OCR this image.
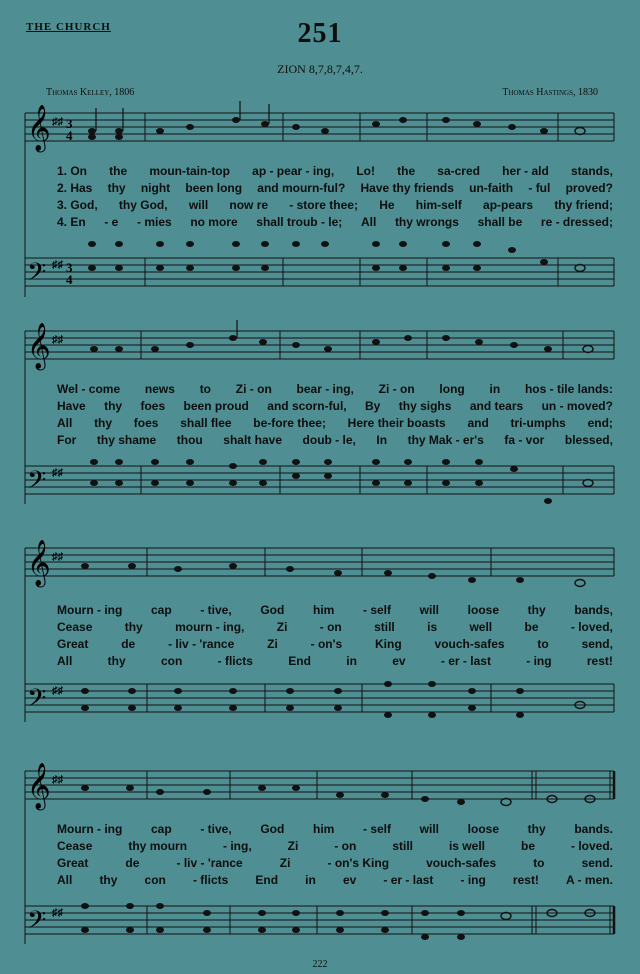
THE CHURCH	251
ZION 8,7,8,7,4,7.
Thomas Kelley, 1806	Thomas Hastings, 1830
𝄞 ♯♯ 3
4
𝄢 ♯♯ 3
4
1. On the moun-tain-top ap - pear - ing, Lo! the sa-cred her - ald stands,
2. Has thy night been long and mourn-ful? Have thy friends un-faith - ful proved?
3. God, thy God, will now re - store thee; He him-self ap-pears thy friend;
4. En - e - mies no more shall troub - le; All thy wrongs shall be re - dressed;
𝄞 ♯♯
𝄢 ♯♯
Wel - come news to Zi - on bear - ing, Zi - on long in hos - tile lands:
Have thy foes been proud and scorn-ful, By thy sighs and tears un - moved?
All thy foes shall flee be-fore thee; Here their boasts and tri-umphs end;
For thy shame thou shalt have doub - le, In thy Mak - er's fa - vor blessed,
𝄞 ♯♯
𝄢 ♯♯
Mourn - ing cap - tive, God him - self will loose thy bands,
Cease	thy	mourn - ing,	Zi	- on	still	is	well	be	- loved,
Great	de	- liv - 'rance	Zi	- on's	King	vouch-safes	to	send,
All	thy	con	- flicts	End	in	ev	- er - last	- ing	rest!
𝄞 ♯♯
𝄢 ♯♯
Mourn - ing cap - tive, God him - self will loose thy bands.
Cease	thy mourn	- ing,	Zi	- on	still	is well	be	- loved.
Great	de	- liv - 'rance	Zi	- on's King	vouch-safes	to	send.
All thy con - flicts End in ev - er - last - ing rest! A - men.
222
